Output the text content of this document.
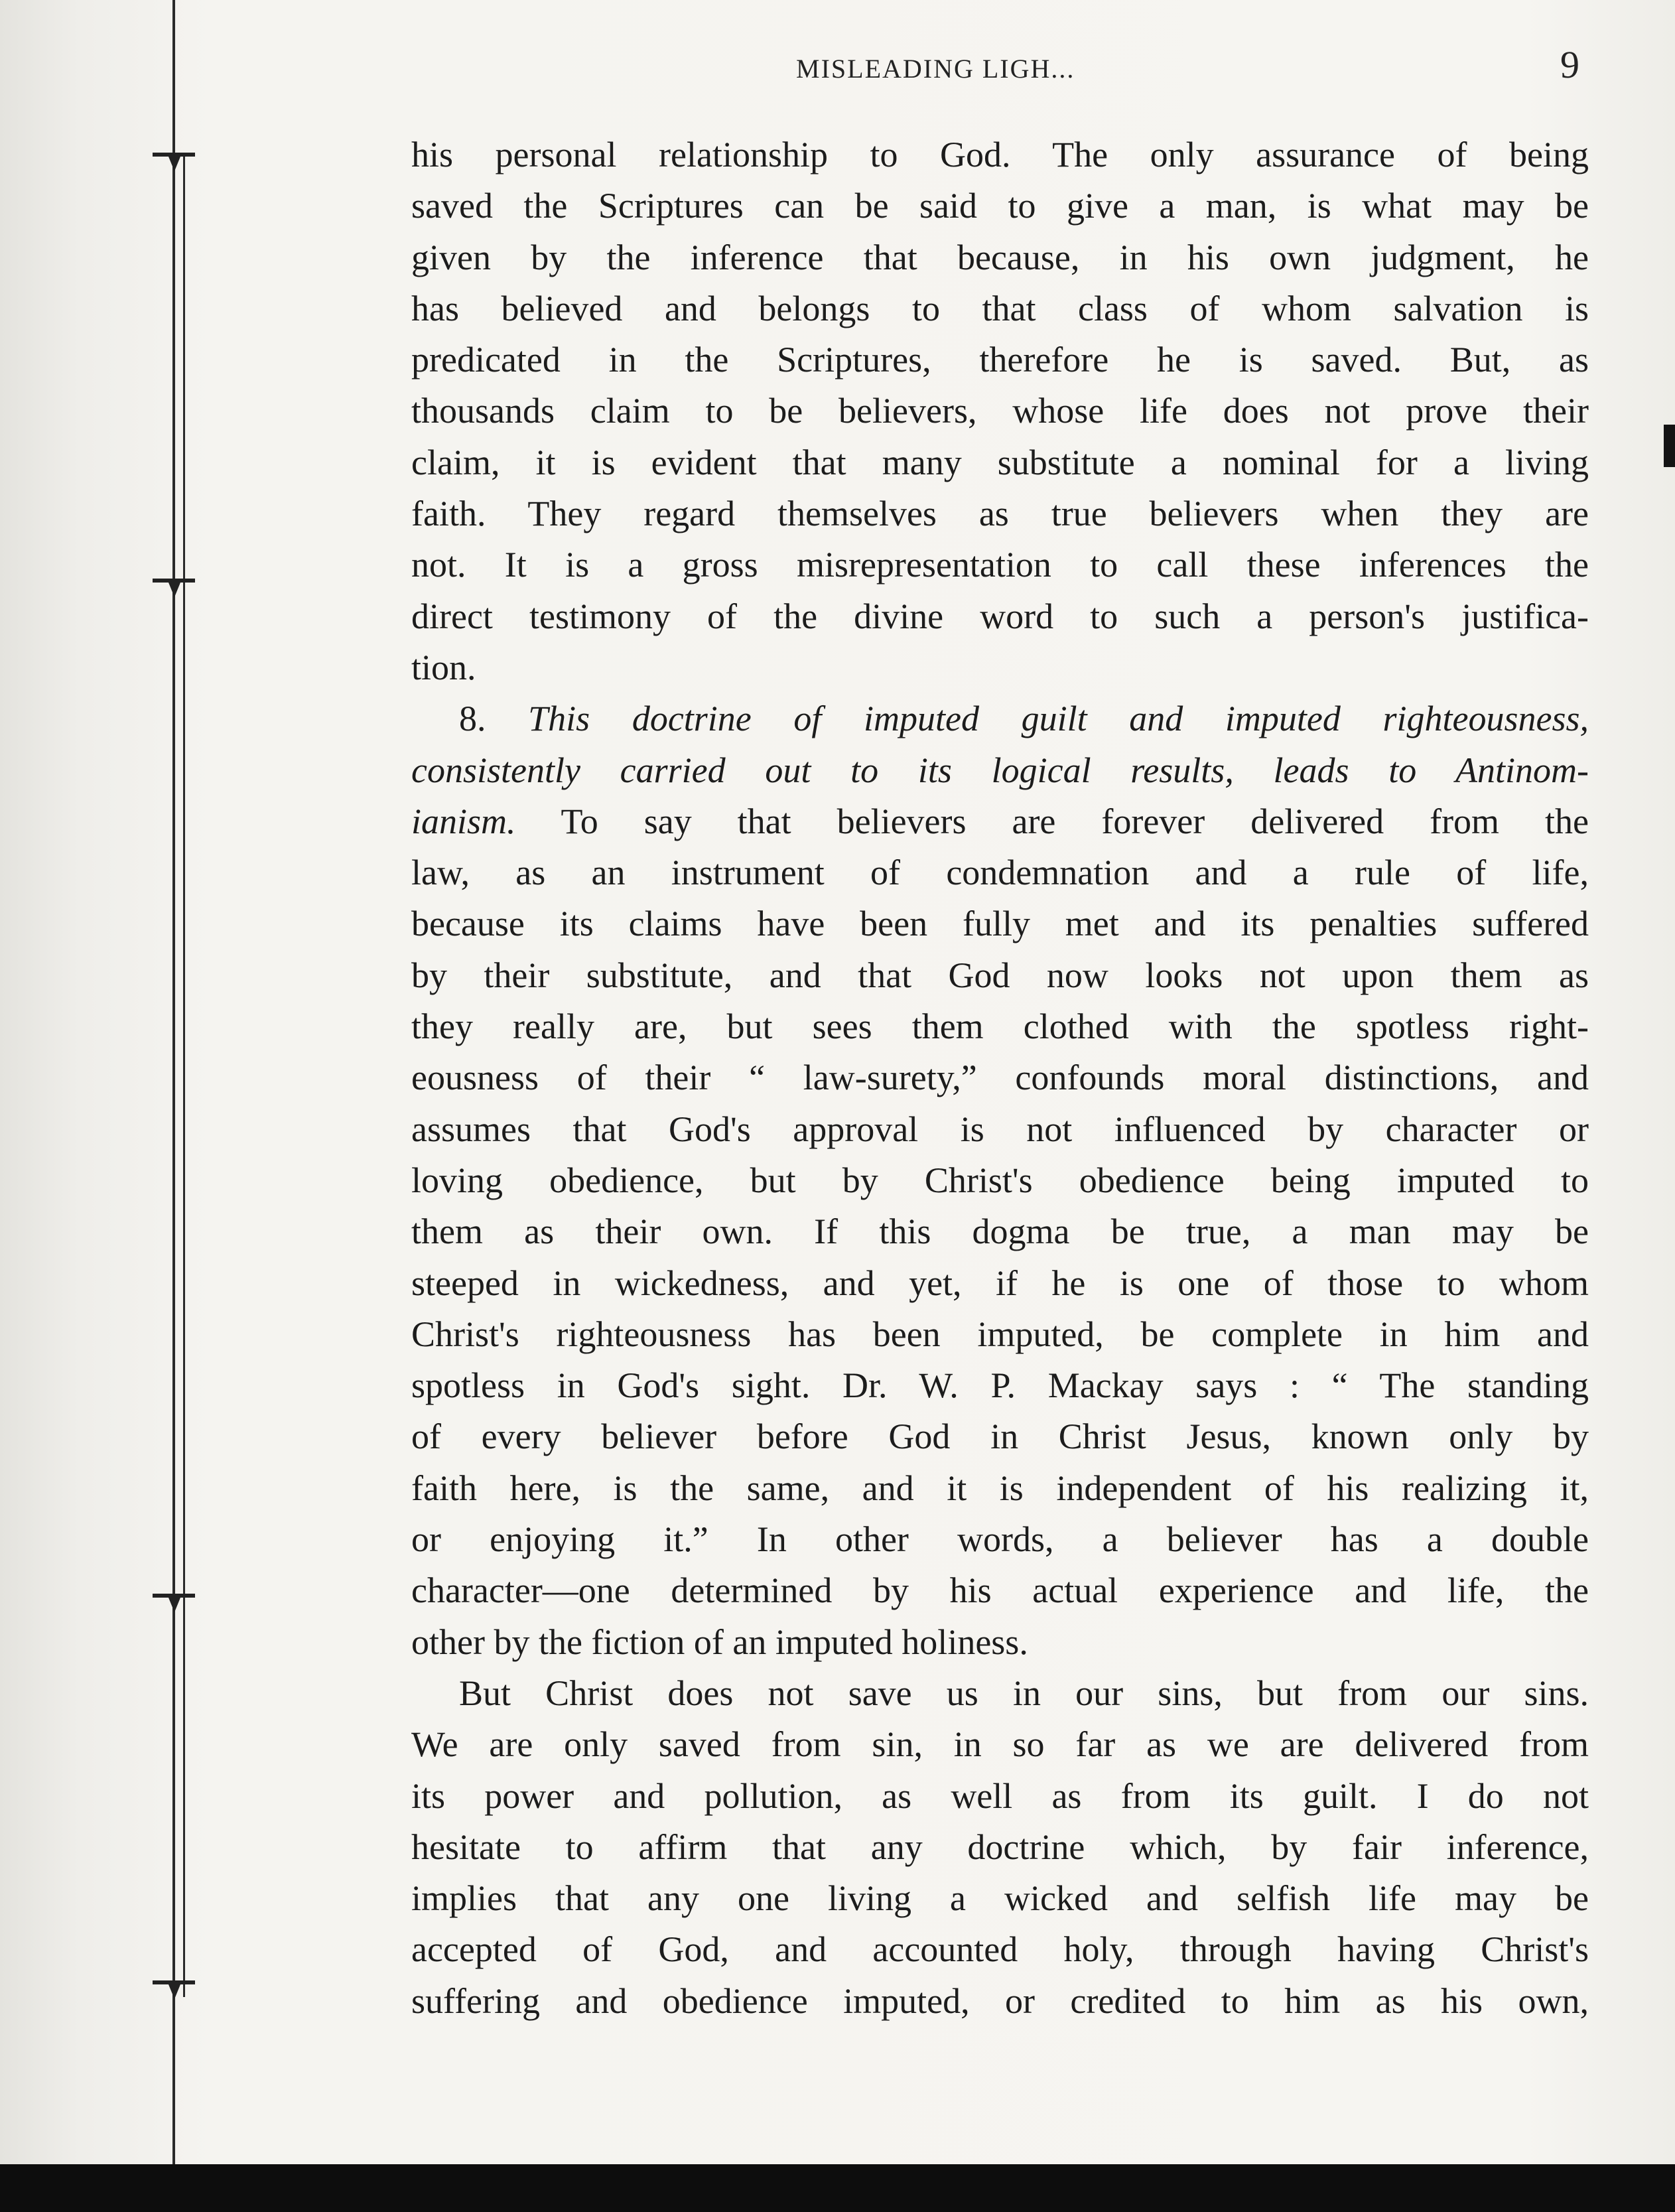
MISLEADING LIGH...	9
his personal relationship to God. The only assurance of being
saved the Scriptures can be said to give a man, is what may be
given by the inference that because, in his own judgment, he
has believed and belongs to that class of whom salvation is
predicated in the Scriptures, therefore he is saved. But, as
thousands claim to be believers, whose life does not prove their
claim, it is evident that many substitute a nominal for a living
faith. They regard themselves as true believers when they are
not. It is a gross misrepresentation to call these inferences the
direct testimony of the divine word to such a person's justifica-
tion.
8. This doctrine of imputed guilt and imputed righteousness,
consistently carried out to its logical results, leads to Antinom-
ianism. To say that believers are forever delivered from the
law, as an instrument of condemnation and a rule of life,
because its claims have been fully met and its penalties suffered
by their substitute, and that God now looks not upon them as
they really are, but sees them clothed with the spotless right-
eousness of their “ law-surety,” confounds moral distinctions, and
assumes that God's approval is not influenced by character or
loving obedience, but by Christ's obedience being imputed to
them as their own. If this dogma be true, a man may be
steeped in wickedness, and yet, if he is one of those to whom
Christ's righteousness has been imputed, be complete in him and
spotless in God's sight. Dr. W. P. Mackay says : “ The standing
of every believer before God in Christ Jesus, known only by
faith here, is the same, and it is independent of his realizing it,
or enjoying it.” In other words, a believer has a double
character—one determined by his actual experience and life, the
other by the fiction of an imputed holiness.
But Christ does not save us in our sins, but from our sins.
We are only saved from sin, in so far as we are delivered from
its power and pollution, as well as from its guilt. I do not
hesitate to affirm that any doctrine which, by fair inference,
implies that any one living a wicked and selfish life may be
accepted of God, and accounted holy, through having Christ's
suffering and obedience imputed, or credited to him as his own,
